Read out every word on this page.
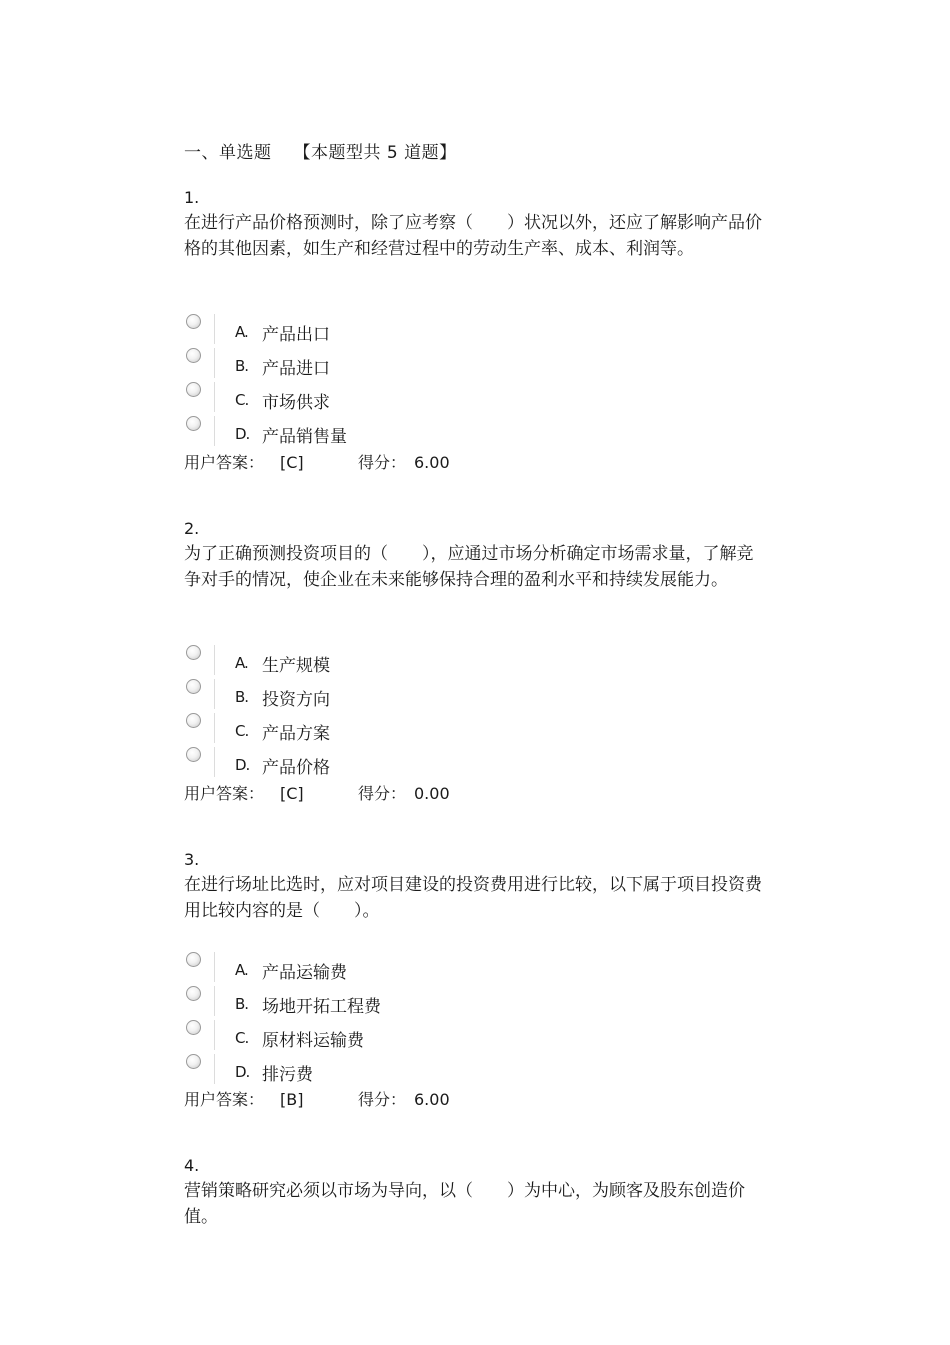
一、单选题 【本题型共 5 道题】
1.
在进行产品价格预测时，除了应考察（　　）状况以外，还应了解影响产品价格的其他因素，如生产和经营过程中的劳动生产率、成本、利润等。
A. 产品出口
B. 产品进口
C. 市场供求
D. 产品销售量
用户答案： [C]	得分： 6.00
2.
为了正确预测投资项目的（　　），应通过市场分析确定市场需求量，了解竞争对手的情况，使企业在未来能够保持合理的盈利水平和持续发展能力。
A. 生产规模
B. 投资方向
C. 产品方案
D. 产品价格
用户答案： [C]	得分： 0.00
3.
在进行场址比选时，应对项目建设的投资费用进行比较，以下属于项目投资费用比较内容的是（　　）。
A. 产品运输费
B. 场地开拓工程费
C. 原材料运输费
D. 排污费
用户答案： [B]	得分： 6.00
4.
营销策略研究必须以市场为导向，以（　　）为中心，为顾客及股东创造价值。
